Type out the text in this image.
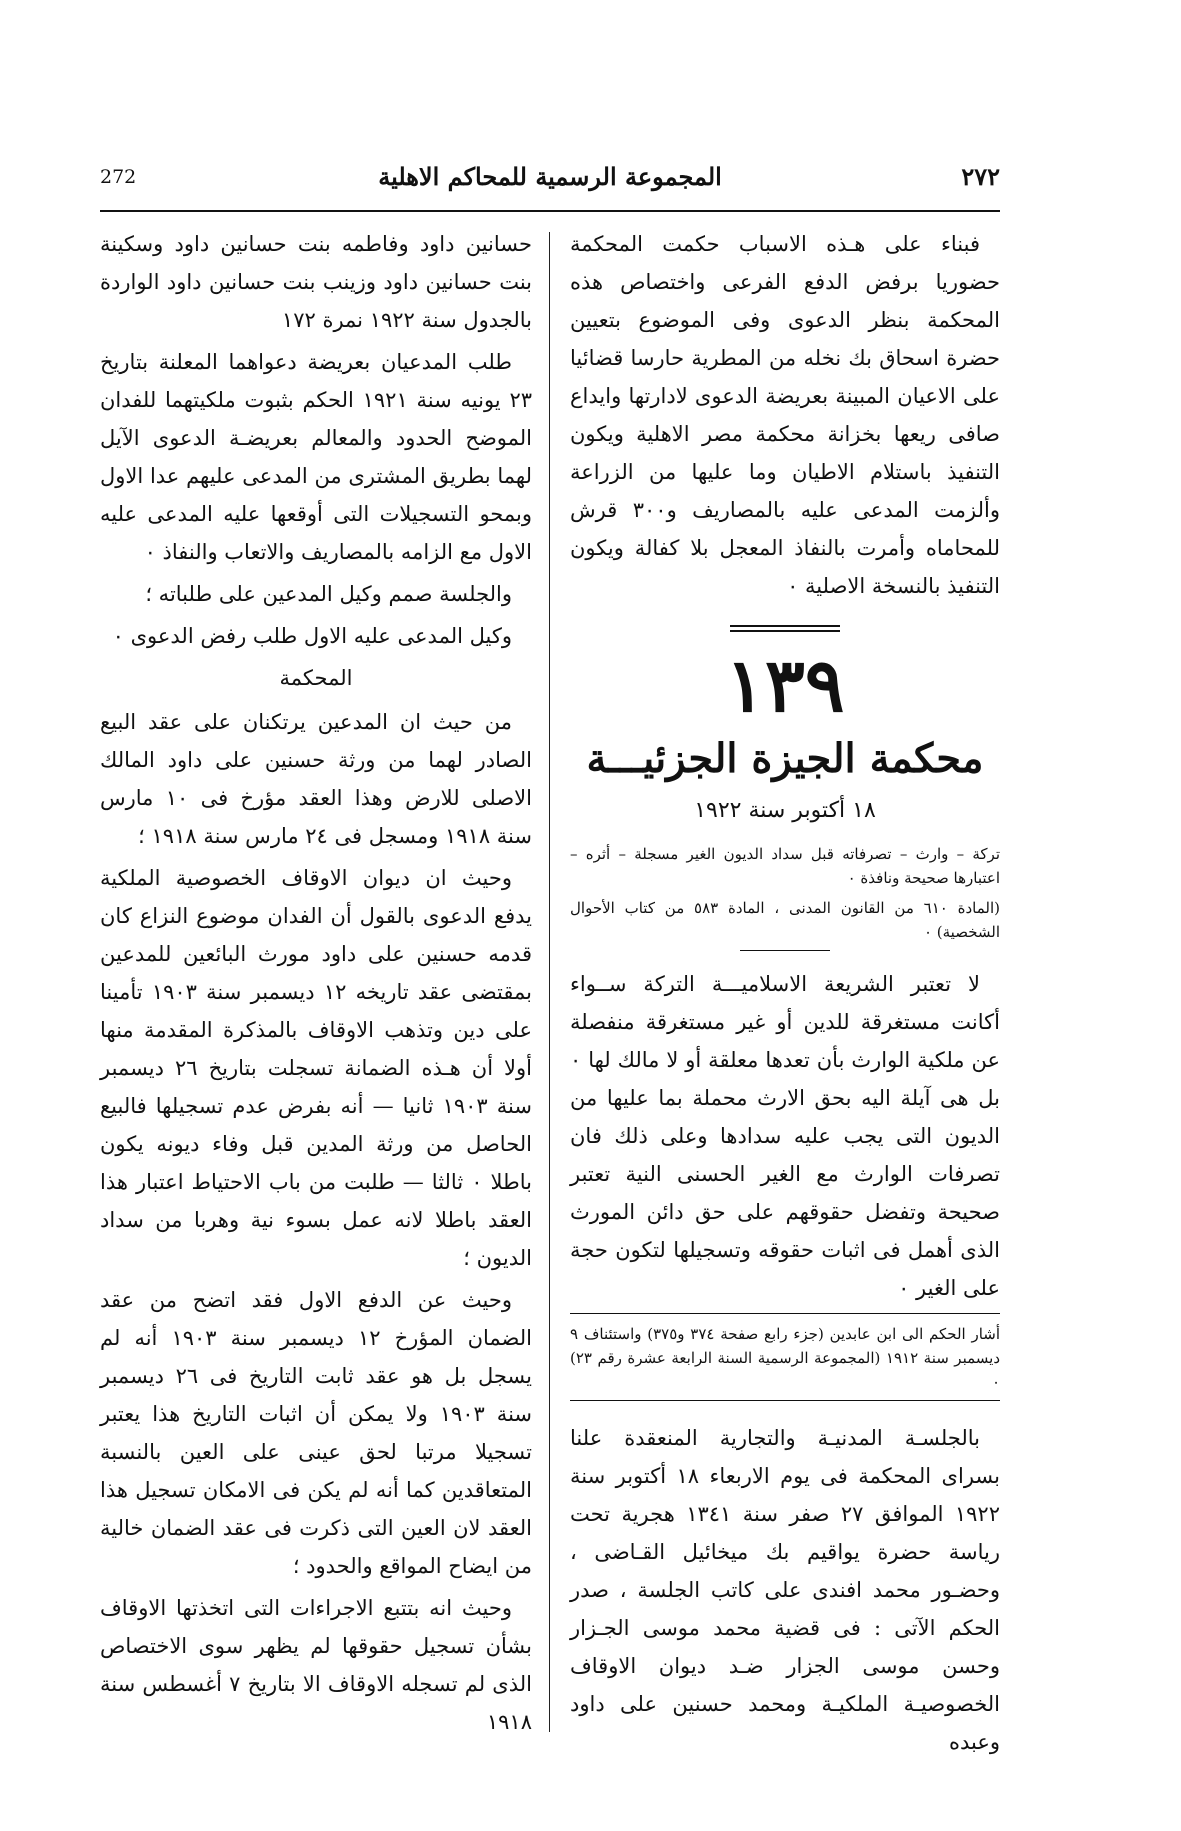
272	المجموعة الرسمية للمحاكم الاهلية	٢٧٢

فبناء على هـذه الاسباب حكمت المحكمة حضوريا برفض الدفع الفرعى واختصاص هذه المحكمة بنظر الدعوى وفى الموضوع بتعيين حضرة اسحاق بك نخله من المطرية حارسا قضائيا على الاعيان المبينة بعريضة الدعوى لادارتها وايداع صافى ريعها بخزانة محكمة مصر الاهلية ويكون التنفيذ باستلام الاطيان وما عليها من الزراعة وألزمت المدعى عليه بالمصاريف و٣٠٠ قرش للمحاماه وأمرت بالنفاذ المعجل بلا كفالة ويكون التنفيذ بالنسخة الاصلية ٠

١٣٩
محكمة الجيزة الجزئيـــة
١٨ أكتوبر سنة ١٩٢٢

تركة – وارث – تصرفاته قبل سداد الديون الغير مسجلة – أثره – اعتبارها صحيحة ونافذة ٠

(المادة ٦١٠ من القانون المدنى ، المادة ٥٨٣ من كتاب الأحوال الشخصية) ٠

لا تعتبر الشريعة الاسلاميـــة التركة ســواء أكانت مستغرقة للدين أو غير مستغرقة منفصلة عن ملكية الوارث بأن تعدها معلقة أو لا مالك لها ٠ بل هى آيلة اليه بحق الارث محملة بما عليها من الديون التى يجب عليه سدادها وعلى ذلك فان تصرفات الوارث مع الغير الحسنى النية تعتبر صحيحة وتفضل حقوقهم على حق دائن المورث الذى أهمل فى اثبات حقوقه وتسجيلها لتكون حجة على الغير ٠

أشار الحكم الى ابن عابدين (جزء رابع صفحة ٣٧٤ و٣٧٥) واستئناف ٩ ديسمبر سنة ١٩١٢ (المجموعة الرسمية السنة الرابعة عشرة رقم ٢٣) ٠

بالجلسـة المدنيـة والتجارية المنعقدة علنا بسراى المحكمة فى يوم الاربعاء ١٨ أكتوبر سنة ١٩٢٢ الموافق ٢٧ صفر سنة ١٣٤١ هجرية تحت رياسة حضرة يواقيم بك ميخائيل القـاضى ، وحضـور محمد افندى على كاتب الجلسة ، صدر الحكم الآتى : فى قضية محمد موسى الجـزار وحسن موسى الجزار ضـد ديوان الاوقاف الخصوصيـة الملكيـة ومحمد حسنين على داود وعبده

حسانين داود وفاطمه بنت حسانين داود وسكينة بنت حسانين داود وزينب بنت حسانين داود الواردة بالجدول سنة ١٩٢٢ نمرة ١٧٢

طلب المدعيان بعريضة دعواهما المعلنة بتاريخ ٢٣ يونيه سنة ١٩٢١ الحكم بثبوت ملكيتهما للفدان الموضح الحدود والمعالم بعريضـة الدعوى الآيل لهما بطريق المشترى من المدعى عليهم عدا الاول وبمحو التسجيلات التى أوقعها عليه المدعى عليه الاول مع الزامه بالمصاريف والاتعاب والنفاذ ٠

والجلسة صمم وكيل المدعين على طلباته ؛

وكيل المدعى عليه الاول طلب رفض الدعوى ٠

المحكمة

من حيث ان المدعين يرتكنان على عقد البيع الصادر لهما من ورثة حسنين على داود المالك الاصلى للارض وهذا العقد مؤرخ فى ١٠ مارس سنة ١٩١٨ ومسجل فى ٢٤ مارس سنة ١٩١٨ ؛

وحيث ان ديوان الاوقاف الخصوصية الملكية يدفع الدعوى بالقول أن الفدان موضوع النزاع كان قدمه حسنين على داود مورث البائعين للمدعين بمقتضى عقد تاريخه ١٢ ديسمبر سنة ١٩٠٣ تأمينا على دين وتذهب الاوقاف بالمذكرة المقدمة منها أولا أن هـذه الضمانة تسجلت بتاريخ ٢٦ ديسمبر سنة ١٩٠٣ ثانيا — أنه بفرض عدم تسجيلها فالبيع الحاصل من ورثة المدين قبل وفاء ديونه يكون باطلا ٠ ثالثا — طلبت من باب الاحتياط اعتبار هذا العقد باطلا لانه عمل بسوء نية وهربا من سداد الديون ؛

وحيث عن الدفع الاول فقد اتضح من عقد الضمان المؤرخ ١٢ ديسمبر سنة ١٩٠٣ أنه لم يسجل بل هو عقد ثابت التاريخ فى ٢٦ ديسمبر سنة ١٩٠٣ ولا يمكن أن اثبات التاريخ هذا يعتبر تسجيلا مرتبا لحق عينى على العين بالنسبة المتعاقدين كما أنه لم يكن فى الامكان تسجيل هذا العقد لان العين التى ذكرت فى عقد الضمان خالية من ايضاح المواقع والحدود ؛

وحيث انه بتتبع الاجراءات التى اتخذتها الاوقاف بشأن تسجيل حقوقها لم يظهر سوى الاختصاص الذى لم تسجله الاوقاف الا بتاريخ ٧ أغسطس سنة ١٩١٨
